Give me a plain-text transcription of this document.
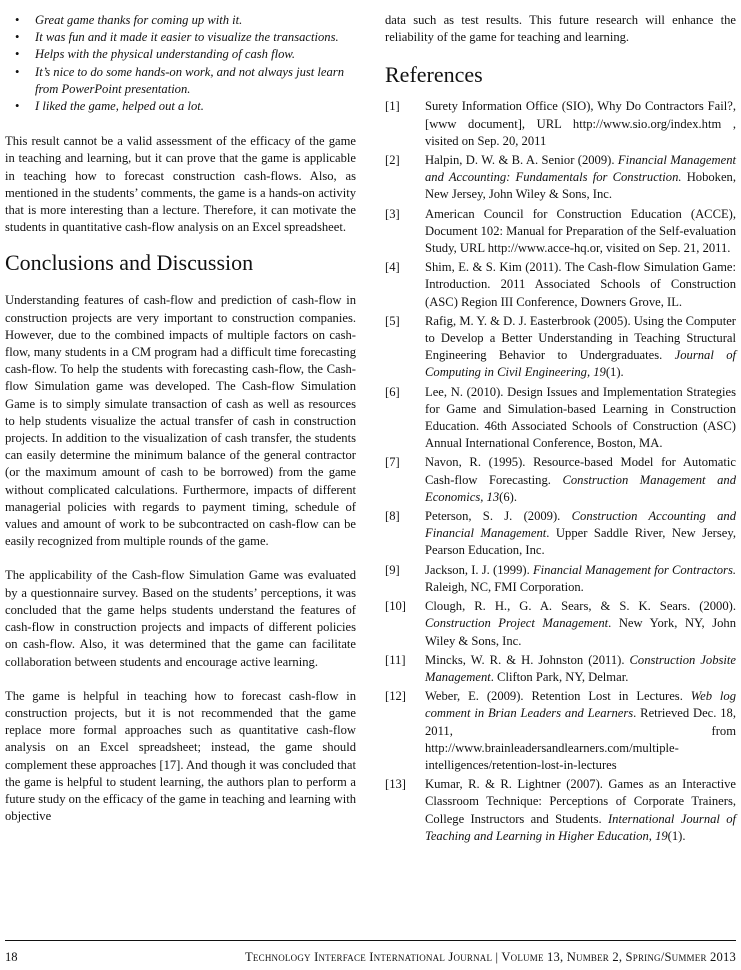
• Great game thanks for coming up with it.
• It was fun and it made it easier to visualize the transactions.
• Helps with the physical understanding of cash flow.
• It’s nice to do some hands-on work, and not always just learn from PowerPoint presentation.
• I liked the game, helped out a lot.

This result cannot be a valid assessment of the efficacy of the game in teaching and learning, but it can prove that the game is applicable in teaching how to forecast construction cash-flows. Also, as mentioned in the students’ comments, the game is a hands-on activity that is more interesting than a lecture. Therefore, it can motivate the students in quantitative cash-flow analysis on an Excel spreadsheet.

Conclusions and Discussion

Understanding features of cash-flow and prediction of cash-flow in construction projects are very important to construction companies. However, due to the combined impacts of multiple factors on cash-flow, many students in a CM program had a difficult time forecasting cash-flow. To help the students with forecasting cash-flow, the Cash-flow Simulation game was developed. The Cash-flow Simulation Game is to simply simulate transaction of cash as well as resources to help students visualize the actual transfer of cash in construction projects. In addition to the visualization of cash transfer, the students can easily determine the minimum balance of the general contractor (or the maximum amount of cash to be borrowed) from the game without complicated calculations. Furthermore, impacts of different managerial policies with regards to payment timing, schedule of values and amount of work to be subcontracted on cash-flow can be easily recognized from multiple rounds of the game.

The applicability of the Cash-flow Simulation Game was evaluated by a questionnaire survey. Based on the students’ perceptions, it was concluded that the game helps students understand the features of cash-flow in construction projects and impacts of different policies on cash-flow. Also, it was determined that the game can facilitate collaboration between students and encourage active learning.

The game is helpful in teaching how to forecast cash-flow in construction projects, but it is not recommended that the game replace more formal approaches such as quantitative cash-flow analysis on an Excel spreadsheet; instead, the game should complement these approaches [17]. And though it was concluded that the game is helpful to student learning, the authors plan to perform a future study on the efficacy of the game in teaching and learning with objective

data such as test results. This future research will enhance the reliability of the game for teaching and learning.

References
[1]	Surety Information Office (SIO), Why Do Contractors Fail?, [www document], URL http://www.sio.org/index.htm , visited on Sep. 20, 2011
[2]	Halpin, D. W. & B. A. Senior (2009). Financial Management and Accounting: Fundamentals for Construction. Hoboken, New Jersey, John Wiley & Sons, Inc.
[3]	American Council for Construction Education (ACCE), Document 102: Manual for Preparation of the Self-evaluation Study, URL http://www.acce-hq.or, visited on Sep. 21, 2011.
[4]	Shim, E. & S. Kim (2011). The Cash-flow Simulation Game: Introduction. 2011 Associated Schools of Construction (ASC) Region III Conference, Downers Grove, IL.
[5]	Rafig, M. Y. & D. J. Easterbrook (2005). Using the Computer to Develop a Better Understanding in Teaching Structural Engineering Behavior to Undergraduates. Journal of Computing in Civil Engineering, 19(1).
[6]	Lee, N. (2010). Design Issues and Implementation Strategies for Game and Simulation-based Learning in Construction Education. 46th Associated Schools of Construction (ASC) Annual International Conference, Boston, MA.
[7]	Navon, R. (1995). Resource-based Model for Automatic Cash-flow Forecasting. Construction Management and Economics, 13(6).
[8]	Peterson, S. J. (2009). Construction Accounting and Financial Management. Upper Saddle River, New Jersey, Pearson Education, Inc.
[9]	Jackson, I. J. (1999). Financial Management for Contractors. Raleigh, NC, FMI Corporation.
[10]	Clough, R. H., G. A. Sears, & S. K. Sears. (2000). Construction Project Management. New York, NY, John Wiley & Sons, Inc.
[11]	Mincks, W. R. & H. Johnston (2011). Construction Jobsite Management. Clifton Park, NY, Delmar.
[12]	Weber, E. (2009). Retention Lost in Lectures. Web log comment in Brian Leaders and Learners. Retrieved Dec. 18, 2011, from http://www.brainleadersandlearners.com/multiple-intelligences/retention-lost-in-lectures
[13]	Kumar, R. & R. Lightner (2007). Games as an Interactive Classroom Technique: Perceptions of Corporate Trainers, College Instructors and Students. International Journal of Teaching and Learning in Higher Education, 19(1).
18	Technology Interface International Journal | Volume 13, Number 2, Spring/Summer 2013
